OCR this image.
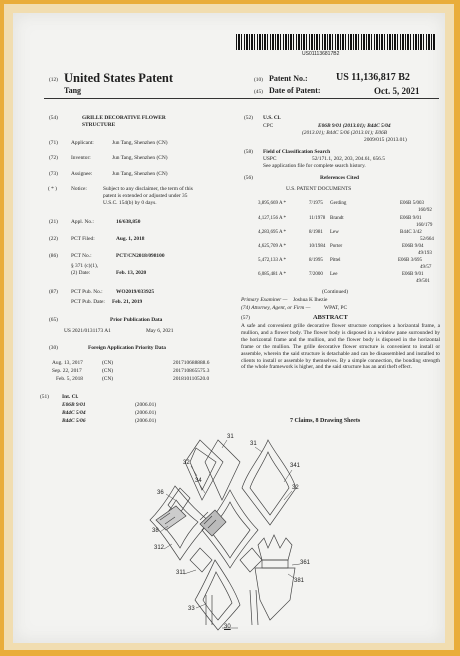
US011136817B2
(12) United States Patent
Tang
(10) Patent No.:	US 11,136,817 B2
(45) Date of Patent:	Oct. 5, 2021
(54)	GRILLE DECORATIVE FLOWER
STRUCTURE
(71) Applicant:	Jun Tang, Shenzhen (CN)
(72) Inventor:	Jun Tang, Shenzhen (CN)
(73) Assignee:	Jun Tang, Shenzhen (CN)
( * )	Notice:	Subject to any disclaimer, the term of this
patent is extended or adjusted under 35
U.S.C. 154(b) by 0 days.
(21) Appl. No.:	16/638,850
(22) PCT Filed:	Aug. 1, 2018
(86) PCT No.:	PCT/CN2018/098100
§ 371 (c)(1),
(2) Date:	Feb. 13, 2020
(87) PCT Pub. No.: WO2019/033925
PCT Pub. Date: Feb. 21, 2019
(65)	Prior Publication Data
US 2021/0131173 A1	May 6, 2021
(30)	Foreign Application Priority Data
Aug. 13, 2017	(CN)	201710688888.6
Sep. 22, 2017	(CN)	201710865575.3
Feb. 5, 2018	(CN)	201810110520.0
(51) Int. Cl.
E06B 9/01	(2006.01)
B44C 5/04	(2006.01)
B44C 5/06	(2006.01)
(52) U.S. Cl.
CPC	E06B 9/01 (2013.01); B44C 5/04
(2013.01); B44C 5/06 (2013.01); E06B
2009/015 (2013.01)
(58) Field of Classification Search
USPC	52/171.1, 202, 203, 204.61, 656.5
See application file for complete search history.
(56)	References Cited
U.S. PATENT DOCUMENTS
3,895,669 A *	7/1975 Gerding	E06B 5/003
160/92
4,127,156 A *	11/1978 Brandt	E06B 9/01
160/179
4,283,695 A *	8/1981 Lew	B44C 3/42
52/664
4,625,709 A *	10/1984 Porter	E06B 9/04
49/193
5,472,133 A *	8/1995 Pittel	E06B 3/695
49/57
6,085,481 A *	7/2000 Lee	E06B 9/01
49/501
(Continued)
Primary Examiner — Joshua K Ihezie
(74) Attorney, Agent, or Firm —	WPAT, PC
(57)	ABSTRACT
A safe and convenient grille decorative flower structure comprises a horizontal frame, a mullion, and a flower body. The flower body is disposed in a window pane surrounded by the horizontal frame and the mullion, and the flower body is disposed in the horizontal frame or the mullion. The grille decorative flower structure is convenient to install or assemble, wherein the said structure is detachable and can be disassembled and installed to clients to install or assemble by themselves. By a simple connection, the bonding strength of the whole framework is higher, and the said structure has an anti theft effect.
7 Claims, 8 Drawing Sheets
31
31
32
34
341
32
36
38
312
361
311
381
33
30
